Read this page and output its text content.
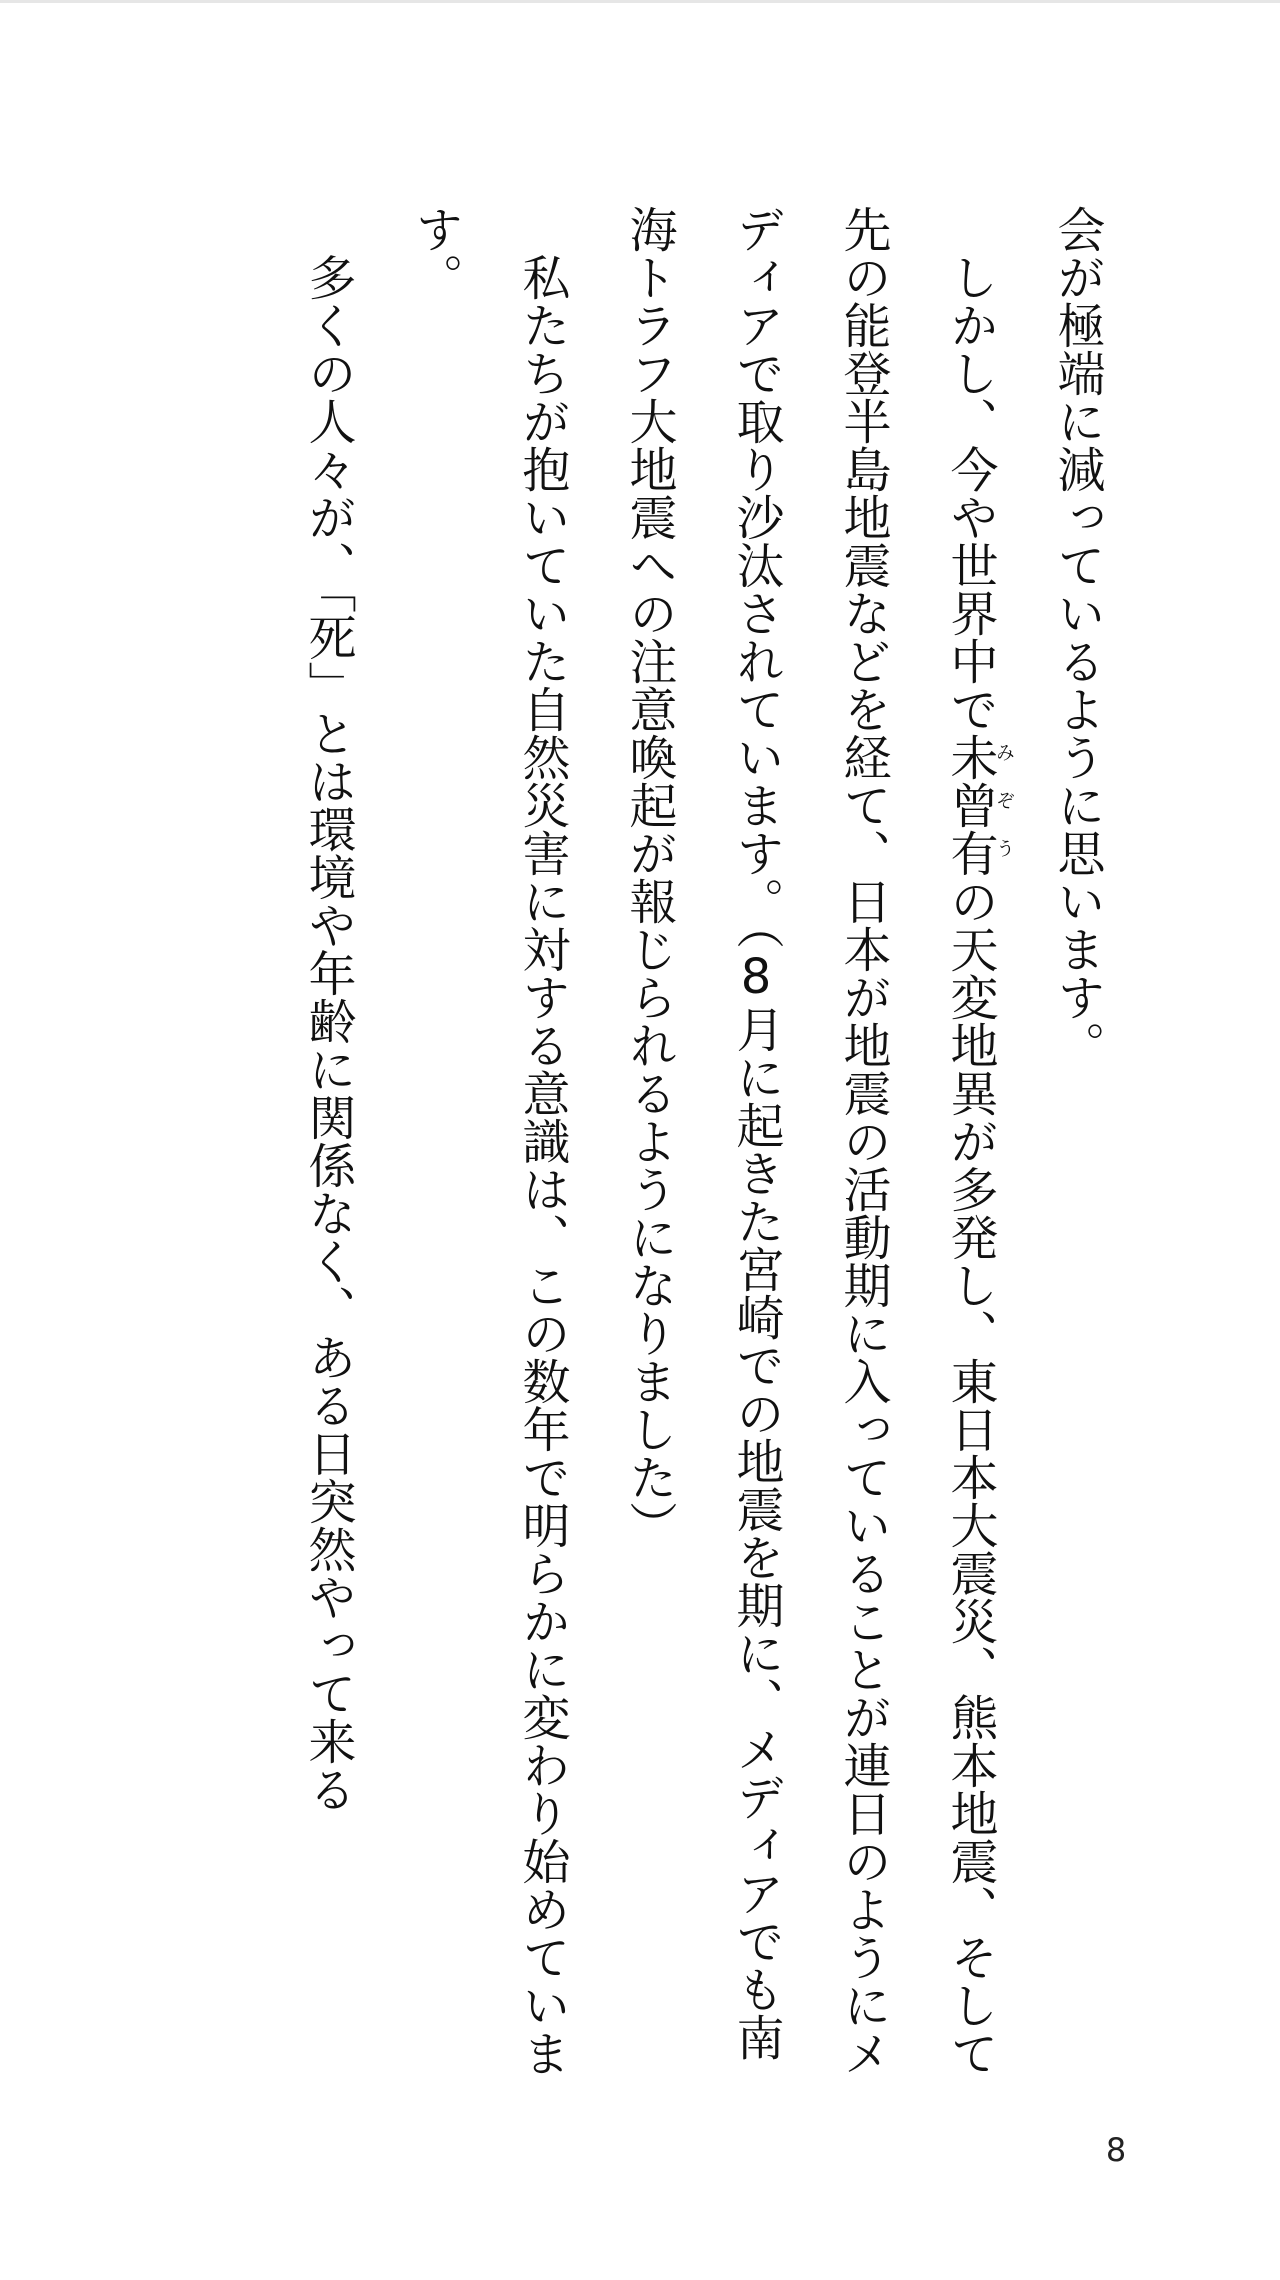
会が極端に減っているように思います。

しかし、今や世界中で未曾有みぞうの天変地異が多発し、東日本大震災、熊本地震、そして先の能登半島地震などを経て、日本が地震の活動期に入っていることが連日のようにメディアで取り沙汰されています。（8月に起きた宮崎での地震を期に、メディアでも南海トラフ大地震への注意喚起が報じられるようになりました）

私たちが抱いていた自然災害に対する意識は、この数年で明らかに変わり始めています。

多くの人々が、「死」とは環境や年齢に関係なく、ある日突然やって来る

8
